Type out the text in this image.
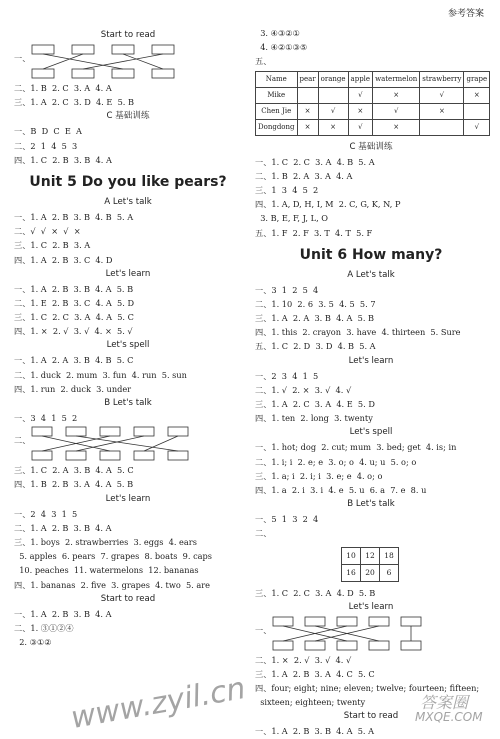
参考答案
Start to read
一、
二、1. B  2. C  3. A  4. A
三、1. A  2. C  3. D  4. E  5. B
C 基础训练
一、B  D  C  E  A
二、2  1  4  5  3
四、1. C  2. B  3. B  4. A
Unit 5 Do you like pears?
A Let's talk
一、1. A  2. B  3. B  4. B  5. A
二、√  √  ×  √  ×
三、1. C  2. B  3. A
四、1. A  2. B  3. C  4. D
Let's learn
一、1. A  2. B  3. B  4. A  5. B
二、1. E  2. B  3. C  4. A  5. D
三、1. C  2. C  3. A  4. A  5. C
四、1. ×  2. √  3. √  4. ×  5. √
Let's spell
一、1. A  2. A  3. B  4. B  5. C
二、1. duck  2. mum  3. fun  4. run  5. sun
四、1. run  2. duck  3. under
B Let's talk
一、3  4  1  5  2
二、
三、1. C  2. A  3. B  4. A  5. C
四、1. B  2. B  3. A  4. A  5. B
Let's learn
一、2  4  3  1  5
二、1. A  2. B  3. B  4. A
三、1. boys  2. strawberries  3. eggs  4. ears
5. apples  6. pears  7. grapes  8. boats  9. caps
10. peaches  11. watermelons  12. bananas
四、1. bananas  2. five  3. grapes  4. two  5. are
Start to read
一、1. A  2. B  3. B  4. A
二、1. ③①②④
2. ③①②
3. ④③②①
4. ④②①③⑤
五、
Name	pear	orange	apple	watermelon	strawberry	grape
Mike			√	×	√	×
Chen Jie	×	√	×	√	×	
Dongdong	×	×	√	×		√
C 基础训练
一、1. C  2. C  3. A  4. B  5. A
二、1. B  2. A  3. A  4. A
三、1  3  4  5  2
四、1. A, D, H, I, M  2. C, G, K, N, P
3. B, E, F, J, L, O
五、1. F  2. F  3. T  4. T  5. F
Unit 6 How many?
A Let's talk
一、3  1  2  5  4
二、1. 10  2. 6  3. 5  4. 5  5. 7
三、1. A  2. A  3. B  4. A  5. B
四、1. this  2. crayon  3. have  4. thirteen  5. Sure
五、1. C  2. D  3. D  4. B  5. A
Let's learn
一、2  3  4  1  5
二、1. √  2. ×  3. √  4. √
三、1. A  2. C  3. A  4. E  5. D
四、1. ten  2. long  3. twenty
Let's spell
一、1. hot; dog  2. cut; mum  3. bed; get  4. is; in
二、1. i; i  2. e; e  3. o; o  4. u; u  5. o; o
三、1. a; i  2. i; i  3. e; e  4. o; o
四、1. a  2. i  3. i  4. e  5. u  6. a  7. e  8. u
B Let's talk
一、5  1  3  2  4
二、
10	12	18
16	20	6
三、1. C  2. C  3. A  4. D  5. B
Let's learn
一、
二、1. ×  2. √  3. √  4. √
三、1. A  2. B  3. A  4. C  5. C
四、four; eight; nine; eleven; twelve; fourteen; fifteen;
sixteen; eighteen; twenty
Start to read
一、1. A  2. B  3. B  4. A  5. A
www.zyil.cn	答案圈
MXQE.COM
